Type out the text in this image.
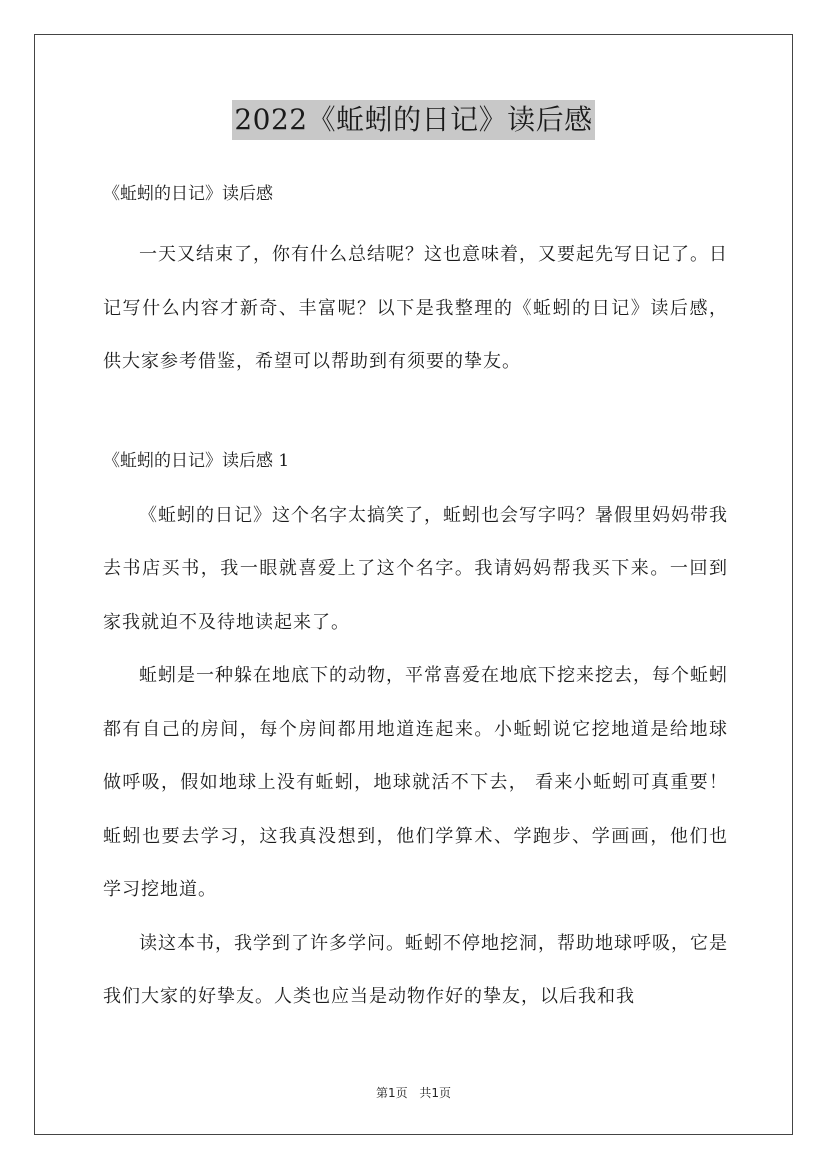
2022《蚯蚓的日记》读后感

《蚯蚓的日记》读后感

一天又结束了，你有什么总结呢？这也意味着，又要起先写日记了。日记写什么内容才新奇、丰富呢？以下是我整理的《蚯蚓的日记》读后感，供大家参考借鉴，希望可以帮助到有须要的挚友。

《蚯蚓的日记》读后感 1

《蚯蚓的日记》这个名字太搞笑了，蚯蚓也会写字吗？暑假里妈妈带我去书店买书，我一眼就喜爱上了这个名字。我请妈妈帮我买下来。一回到家我就迫不及待地读起来了。

蚯蚓是一种躲在地底下的动物，平常喜爱在地底下挖来挖去，每个蚯蚓都有自己的房间，每个房间都用地道连起来。小蚯蚓说它挖地道是给地球做呼吸，假如地球上没有蚯蚓，地球就活不下去， 看来小蚯蚓可真重要！蚯蚓也要去学习，这我真没想到，他们学算术、学跑步、学画画，他们也学习挖地道。

读这本书，我学到了许多学问。蚯蚓不停地挖洞，帮助地球呼吸，它是我们大家的好挚友。人类也应当是动物作好的挚友，以后我和我

第1页 共1页
